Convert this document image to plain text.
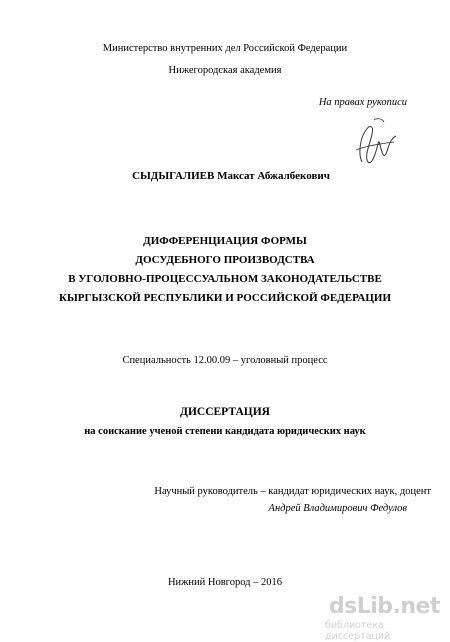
Министерство внутренних дел Российской Федерации
Нижегородская академия
На правах рукописи
СЫДЫГАЛИЕВ Максат Абжалбекович
ДИФФЕРЕНЦИАЦИЯ ФОРМЫ
ДОСУДЕБНОГО ПРОИЗВОДСТВА
В УГОЛОВНО-ПРОЦЕССУАЛЬНОМ ЗАКОНОДАТЕЛЬСТВЕ
КЫРГЫЗСКОЙ РЕСПУБЛИКИ И РОССИЙСКОЙ ФЕДЕРАЦИИ
Специальность 12.00.09 – уголовный процесс
ДИССЕРТАЦИЯ
на соискание ученой степени кандидата юридических наук
Научный руководитель – кандидат юридических наук, доцент
Андрей Владимирович Федулов
Нижний Новгород – 2016
dsLib.net
библиотека диссертаций
